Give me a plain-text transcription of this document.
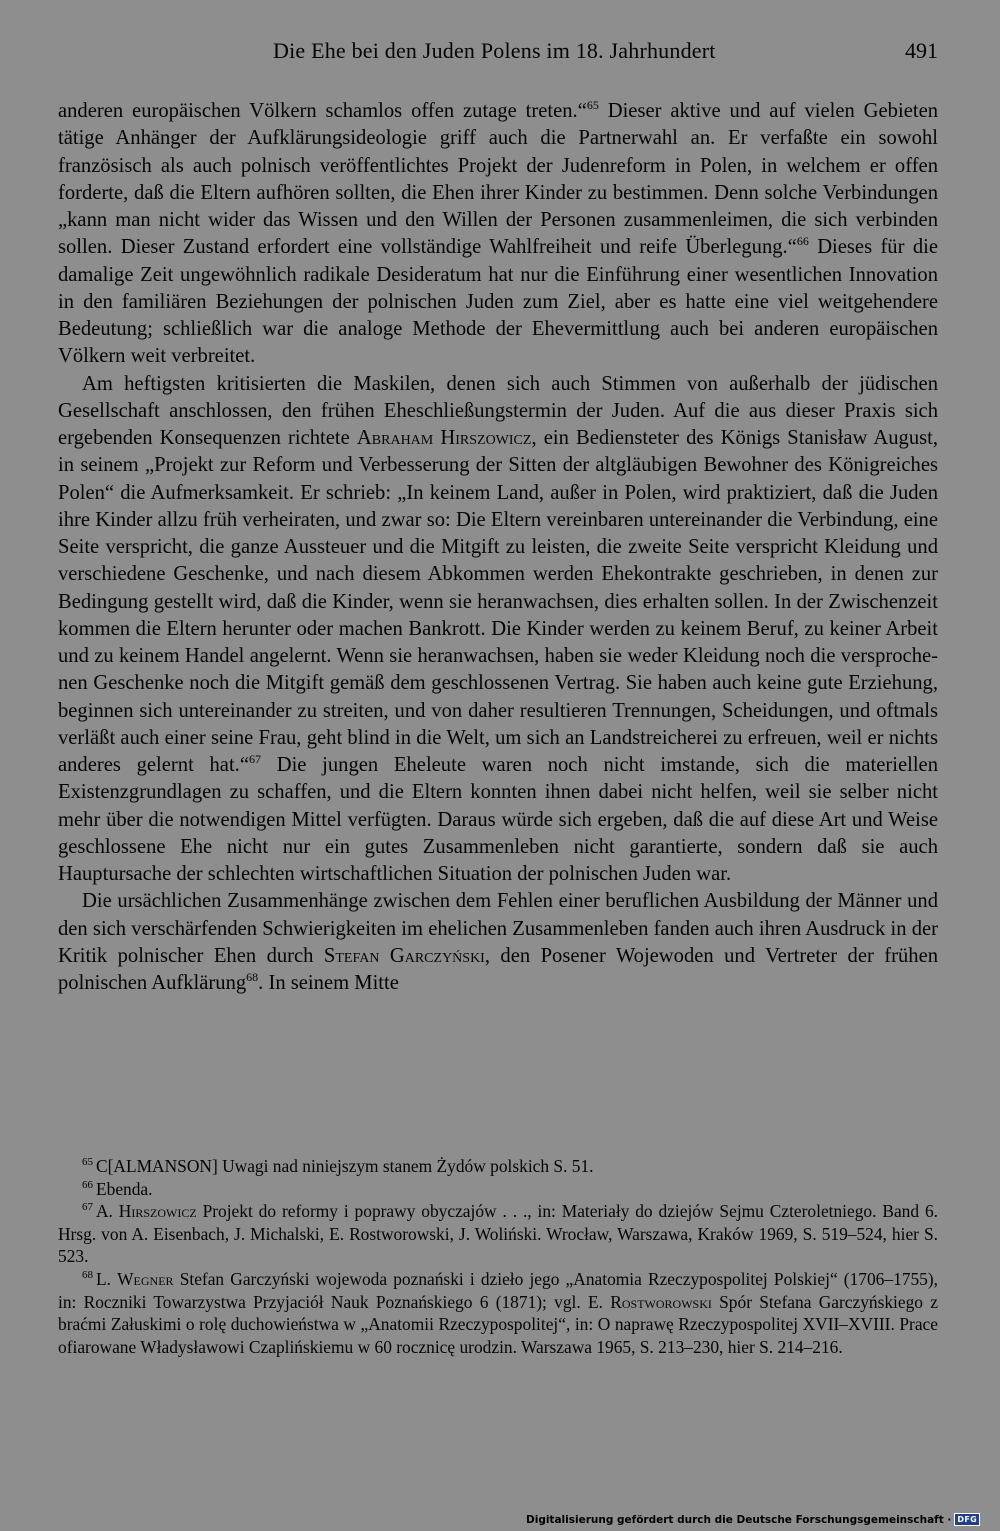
Die Ehe bei den Juden Polens im 18. Jahrhundert	491

anderen europäischen Völkern schamlos offen zutage treten.“$^{65}$ Dieser aktive und auf vielen Gebieten tätige Anhänger der Aufklärungsideologie griff auch die Partnerwahl an. Er verfaßte ein sowohl französisch als auch polnisch veröffentlichtes Projekt der Judenreform in Polen, in welchem er offen forderte, daß die Eltern aufhören sollten, die Ehen ihrer Kinder zu bestimmen. Denn solche Verbindungen „kann man nicht wider das Wissen und den Willen der Personen zusammenleimen, die sich verbinden sollen. Dieser Zustand erfordert eine vollständige Wahlfreiheit und reife Überlegung.“$^{66}$ Dieses für die damalige Zeit ungewöhnlich radikale Desideratum hat nur die Einführung einer wesentlichen Innovation in den familiären Beziehungen der polnischen Juden zum Ziel, aber es hatte eine viel weitgehendere Bedeutung; schließlich war die analoge Methode der Ehevermittlung auch bei anderen europäischen Völkern weit verbreitet.

Am heftigsten kritisierten die Maskilen, denen sich auch Stimmen von außerhalb der jüdischen Gesellschaft anschlossen, den frühen Eheschließungstermin der Juden. Auf die aus dieser Praxis sich ergebenden Konsequenzen richtete Abraham Hirszowicz, ein Bediensteter des Königs Stanisław August, in seinem „Projekt zur Reform und Verbesserung der Sitten der altgläubigen Bewohner des Königreiches Polen“ die Aufmerksamkeit. Er schrieb: „In keinem Land, außer in Polen, wird praktiziert, daß die Juden ihre Kinder allzu früh verheiraten, und zwar so: Die Eltern vereinbaren untereinander die Verbindung, eine Seite verspricht, die ganze Aussteuer und die Mitgift zu leisten, die zweite Seite verspricht Kleidung und verschiedene Geschenke, und nach diesem Abkommen werden Ehekontrakte geschrieben, in denen zur Bedingung gestellt wird, daß die Kinder, wenn sie heranwachsen, dies erhalten sollen. In der Zwischenzeit kommen die Eltern herunter oder machen Bankrott. Die Kinder werden zu keinem Beruf, zu keiner Arbeit und zu keinem Handel angelernt. Wenn sie heranwachsen, haben sie weder Kleidung noch die versprochenen Geschenke noch die Mitgift gemäß dem geschlossenen Vertrag. Sie haben auch keine gute Erziehung, beginnen sich untereinander zu streiten, und von daher resultieren Trennungen, Scheidungen, und oftmals verläßt auch einer seine Frau, geht blind in die Welt, um sich an Landstreicherei zu erfreuen, weil er nichts anderes gelernt hat.“$^{67}$ Die jungen Eheleute waren noch nicht imstande, sich die materiellen Existenzgrundlagen zu schaffen, und die Eltern konnten ihnen dabei nicht helfen, weil sie selber nicht mehr über die notwendigen Mittel verfügten. Daraus würde sich ergeben, daß die auf diese Art und Weise geschlossene Ehe nicht nur ein gutes Zusammenleben nicht garantierte, sondern daß sie auch Hauptursache der schlechten wirtschaftlichen Situation der polnischen Juden war.

Die ursächlichen Zusammenhänge zwischen dem Fehlen einer beruflichen Ausbildung der Männer und den sich verschärfenden Schwierigkeiten im ehelichen Zusammenleben fanden auch ihren Ausdruck in der Kritik polnischer Ehen durch Stefan Garczyński, den Posener Wojewoden und Vertreter der frühen polnischen Aufklärung$^{68}$. In seinem Mitte

$^{65}$ C[ALMANSON] Uwagi nad niniejszym stanem Żydów polskich S. 51.

$^{66}$ Ebenda.

$^{67}$ A. Hirszowicz Projekt do reformy i poprawy obyczajów . . ., in: Materiały do dziejów Sejmu Czteroletniego. Band 6. Hrsg. von A. Eisenbach, J. Michalski, E. Rostworowski, J. Woliński. Wrocław, Warszawa, Kraków 1969, S. 519–524, hier S. 523.

$^{68}$ L. Wegner Stefan Garczyński wojewoda poznański i dzieło jego „Anatomia Rzeczypospolitej Polskiej“ (1706–1755), in: Roczniki Towarzystwa Przyjaciół Nauk Poznańskiego 6 (1871); vgl. E. Rostworowski Spór Stefana Garczyńskiego z braćmi Załuskimi o rolę duchowieństwa w „Anatomii Rzeczypospolitej“, in: O naprawę Rzeczypospolitej XVII–XVIII. Prace ofiarowane Władysławowi Czaplińskiemu w 60 rocznicę urodzin. Warszawa 1965, S. 213–230, hier S. 214–216.

Digitalisierung gefördert durch die Deutsche Forschungsgemeinschaft · DFG
